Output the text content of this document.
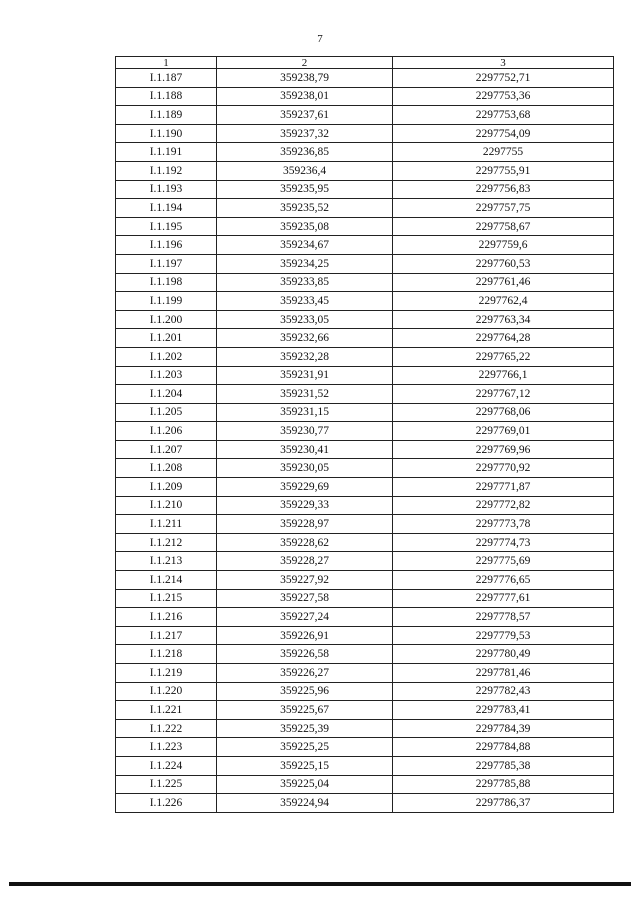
7
1	2	3
I.1.187	359238,79	2297752,71
I.1.188	359238,01	2297753,36
I.1.189	359237,61	2297753,68
I.1.190	359237,32	2297754,09
I.1.191	359236,85	2297755
I.1.192	359236,4	2297755,91
I.1.193	359235,95	2297756,83
I.1.194	359235,52	2297757,75
I.1.195	359235,08	2297758,67
I.1.196	359234,67	2297759,6
I.1.197	359234,25	2297760,53
I.1.198	359233,85	2297761,46
I.1.199	359233,45	2297762,4
I.1.200	359233,05	2297763,34
I.1.201	359232,66	2297764,28
I.1.202	359232,28	2297765,22
I.1.203	359231,91	2297766,1
I.1.204	359231,52	2297767,12
I.1.205	359231,15	2297768,06
I.1.206	359230,77	2297769,01
I.1.207	359230,41	2297769,96
I.1.208	359230,05	2297770,92
I.1.209	359229,69	2297771,87
I.1.210	359229,33	2297772,82
I.1.211	359228,97	2297773,78
I.1.212	359228,62	2297774,73
I.1.213	359228,27	2297775,69
I.1.214	359227,92	2297776,65
I.1.215	359227,58	2297777,61
I.1.216	359227,24	2297778,57
I.1.217	359226,91	2297779,53
I.1.218	359226,58	2297780,49
I.1.219	359226,27	2297781,46
I.1.220	359225,96	2297782,43
I.1.221	359225,67	2297783,41
I.1.222	359225,39	2297784,39
I.1.223	359225,25	2297784,88
I.1.224	359225,15	2297785,38
I.1.225	359225,04	2297785,88
I.1.226	359224,94	2297786,37
